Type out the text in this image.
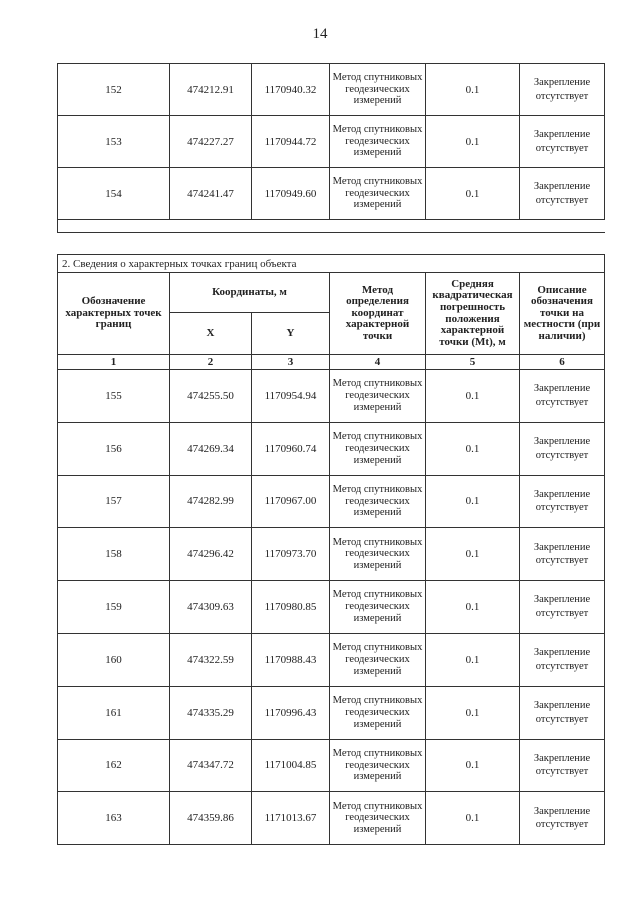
14
152	474212.91	1170940.32	Метод спутниковых геодезических измерений	0.1	Закрепление отсутствует
153	474227.27	1170944.72	Метод спутниковых геодезических измерений	0.1	Закрепление отсутствует
154	474241.47	1170949.60	Метод спутниковых геодезических измерений	0.1	Закрепление отсутствует

2. Сведения о характерных точках границ объекта					
Обозначение характерных точек границ	Координаты, м		Метод определения координат характерной точки	Средняя квадратическая погрешность положения характерной точки (Mt), м	Описание обозначения точки на местности (при наличии)
	X	Y			
1	2	3	4	5	6
155	474255.50	1170954.94	Метод спутниковых геодезических измерений	0.1	Закрепление отсутствует
156	474269.34	1170960.74	Метод спутниковых геодезических измерений	0.1	Закрепление отсутствует
157	474282.99	1170967.00	Метод спутниковых геодезических измерений	0.1	Закрепление отсутствует
158	474296.42	1170973.70	Метод спутниковых геодезических измерений	0.1	Закрепление отсутствует
159	474309.63	1170980.85	Метод спутниковых геодезических измерений	0.1	Закрепление отсутствует
160	474322.59	1170988.43	Метод спутниковых геодезических измерений	0.1	Закрепление отсутствует
161	474335.29	1170996.43	Метод спутниковых геодезических измерений	0.1	Закрепление отсутствует
162	474347.72	1171004.85	Метод спутниковых геодезических измерений	0.1	Закрепление отсутствует
163	474359.86	1171013.67	Метод спутниковых геодезических измерений	0.1	Закрепление отсутствует
